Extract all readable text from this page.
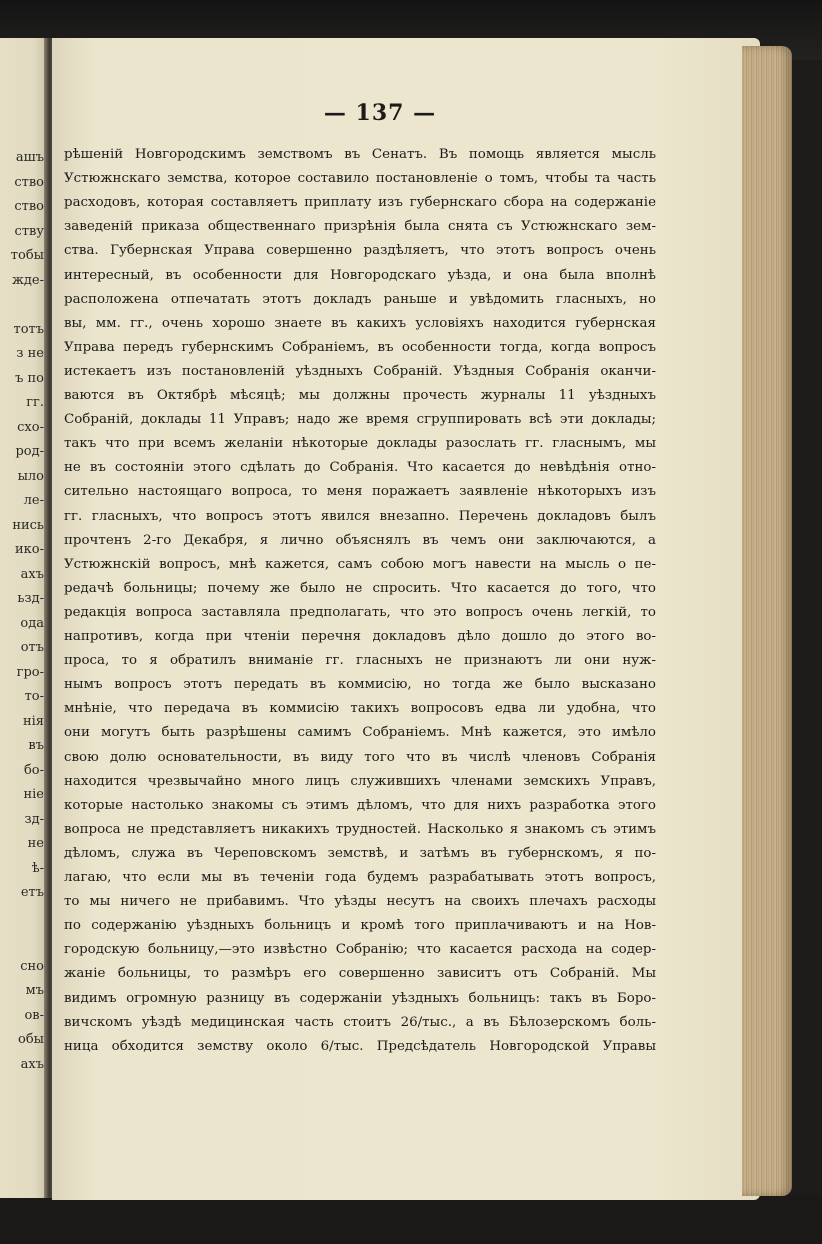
ашъ
ство
ство
ству
тобы
жде-
тотъ
з не
ъ по
гг.
схо-
род-
ыло
ле-
нись
ико-
ахъ
ьзд-
ода
отъ
гро-
то-
нія
въ
бо-
ніе
зд-
не
ѣ-
етъ
сно
мъ
ов-
обы
ахъ
— 137 —
рѣшеній Новгородскимъ земствомъ въ Сенатъ. Въ помощь является мысль
Устюжнскаго земства, которое составило постановленіе о томъ, чтобы та часть
расходовъ, которая составляетъ приплату изъ губернскаго сбора на содержаніе
заведеній приказа общественнаго призрѣнія была снята съ Устюжнскаго зем-
ства. Губернская Управа совершенно раздѣляетъ, что этотъ вопросъ очень
интересный, въ особенности для Новгородскаго уѣзда, и она была вполнѣ
расположена отпечатать этотъ докладъ раньше и увѣдомить гласныхъ, но
вы, мм. гг., очень хорошо знаете въ какихъ условіяхъ находится губернская
Управа передъ губернскимъ Собраніемъ, въ особенности тогда, когда вопросъ
истекаетъ изъ постановленій уѣздныхъ Собраній. Уѣздныя Собранія оканчи-
ваются въ Октябрѣ мѣсяцѣ; мы должны прочесть журналы 11 уѣздныхъ
Собраній, доклады 11 Управъ; надо же время сгруппировать всѣ эти доклады;
такъ что при всемъ желаніи нѣкоторые доклады разослать гг. гласнымъ, мы
не въ состояніи этого сдѣлать до Собранія. Что касается до невѣдѣнія отно-
сительно настоящаго вопроса, то меня поражаетъ заявленіе нѣкоторыхъ изъ
гг. гласныхъ, что вопросъ этотъ явился внезапно. Перечень докладовъ былъ
прочтенъ 2-го Декабря, я лично объяснялъ въ чемъ они заключаются, а
Устюжнскій вопросъ, мнѣ кажется, самъ собою могъ навести на мысль о пе-
редачѣ больницы; почему же было не спросить. Что касается до того, что
редакція вопроса заставляла предполагать, что это вопросъ очень легкій, то
напротивъ, когда при чтеніи перечня докладовъ дѣло дошло до этого во-
проса, то я обратилъ вниманіе гг. гласныхъ не признаютъ ли они нуж-
нымъ вопросъ этотъ передать въ коммисію, но тогда же было высказано
мнѣніе, что передача въ коммисію такихъ вопросовъ едва ли удобна, что
они могутъ быть разрѣшены самимъ Собраніемъ. Мнѣ кажется, это имѣло
свою долю основательности, въ виду того что въ числѣ членовъ Собранія
находится чрезвычайно много лицъ служившихъ членами земскихъ Управъ,
которые настолько знакомы съ этимъ дѣломъ, что для нихъ разработка этого
вопроса не представляетъ никакихъ трудностей. Насколько я знакомъ съ этимъ
дѣломъ, служа въ Череповскомъ земствѣ, и затѣмъ въ губернскомъ, я по-
лагаю, что если мы въ теченіи года будемъ разрабатывать этотъ вопросъ,
то мы ничего не прибавимъ. Что уѣзды несутъ на своихъ плечахъ расходы
по содержанію уѣздныхъ больницъ и кромѣ того приплачиваютъ и на Нов-
городскую больницу,—это извѣстно Собранію; что касается расхода на содер-
жаніе больницы, то размѣръ его совершенно зависитъ отъ Собраній. Мы
видимъ огромную разницу въ содержаніи уѣздныхъ больницъ: такъ въ Боро-
вичскомъ уѣздѣ медицинская часть стоитъ 26/тыс., а въ Бѣлозерскомъ боль-
ница обходится земству около 6/тыс. Предсѣдатель Новгородской Управы
